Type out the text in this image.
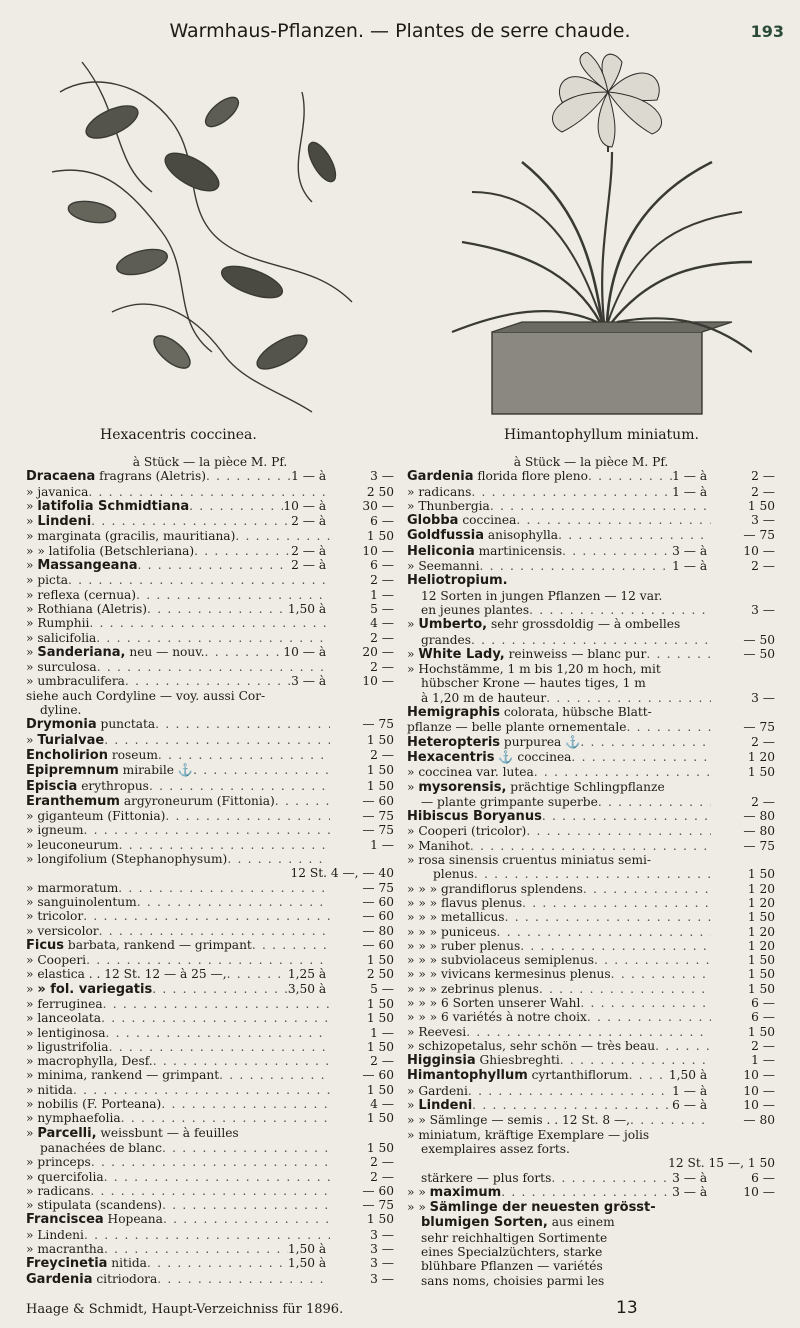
Warmhaus-Pflanzen. — Plantes de serre chaude.	193
Hexacentris coccinea.	Himantophyllum miniatum.
à Stück — la pièce M. Pf.
Dracaena fragrans (Aletris) . . .	1 — à	3 —
» javanica . . .	2 50
» latifolia Schmidtiana . . .	10 — à	30 —
» Lindeni . . .	2 — à	6 —
» marginata (gracilis, mauritiana) . . .	1 50
» » latifolia (Betschleriana) . . .	2 — à	10 —
» Massangeana . . .	2 — à	6 —
» picta . . .	2 —
» reflexa (cernua) . . .	1 —
» Rothiana (Aletris) . . .	1,50 à	5 —
» Rumphii . . .	4 —
» salicifolia . . .	2 —
» Sanderiana, neu — nouv. . . .	10 — à	20 —
» surculosa . . .	2 —
» umbraculifera . . .	3 — à	10 —
siehe auch Cordyline — voy. aussi Cor-
dyline.
Drymonia punctata . . .	— 75
» Turialvae . . .	1 50
Encholirion roseum . . .	2 —
Epipremnum mirabile ⚓ . . .	1 50
Episcia erythropus . . .	1 50
Eranthemum argyroneurum (Fittonia) . . .	— 60
» giganteum (Fittonia) . . .	— 75
» igneum . . .	— 75
» leuconeurum . . .	1 —
» longifolium (Stephanophysum)
. . .
12 St. 4 —, — 40
» marmoratum . . .	— 75
» sanguinolentum . . .	— 60
» tricolor . . .	— 60
» versicolor . . .	— 80
Ficus barbata, rankend — grimpant . . .	— 60
» Cooperi . . .	1 50
» elastica . . 12 St. 12 — à 25 —, . . .	1,25 à	2 50
» » fol. variegatis . . .	3,50 à	5 —
» ferruginea . . .	1 50
» lanceolata . . .	1 50
» lentiginosa . . .	1 —
» ligustrifolia . . .	1 50
» macrophylla, Desf. . . .	2 —
» minima, rankend — grimpant . . .	— 60
» nitida . . .	1 50
» nobilis (F. Porteana) . . .	4 —
» nymphaefolia . . .	1 50
» Parcelli, weissbunt — à feuilles
panachées de blanc . . .	1 50
» princeps . . .	2 —
» quercifolia . . .	2 —
» radicans . . .	— 60
» stipulata (scandens) . . .	— 75
Franciscea Hopeana . . .	1 50
» Lindeni . . .	3 —
» macrantha . . .	1,50 à	3 —
Freycinetia nitida . . .	1,50 à	3 —
Gardenia citriodora . . .	3 —
à Stück — la pièce M. Pf.
Gardenia florida flore pleno . . .	1 — à	2 —
» radicans . . .	1 — à	2 —
» Thunbergia . . .	1 50
Globba coccinea . . .	3 —
Goldfussia anisophylla . . .	— 75
Heliconia martinicensis . . .	3 — à	10 —
» Seemanni . . .	1 — à	2 —
Heliotropium.
12 Sorten in jungen Pflanzen — 12 var.
en jeunes plantes . . .	3 —
» Umberto, sehr grossdoldig — à ombelles
grandes . . .	— 50
» White Lady, reinweiss — blanc pur . . .	— 50
» Hochstämme, 1 m bis 1,20 m hoch, mit
hübscher Krone — hautes tiges, 1 m
à 1,20 m de hauteur . . .	3 —
Hemigraphis colorata, hübsche Blatt-
pflanze — belle plante ornementale . . .	— 75
Heteropteris purpurea ⚓ . . .	2 —
Hexacentris ⚓ coccinea . . .	1 20
» coccinea var. lutea . . .	1 50
» mysorensis, prächtige Schlingpflanze
— plante grimpante superbe . . .	2 —
Hibiscus Boryanus . . .	— 80
» Cooperi (tricolor) . . .	— 80
» Manihot . . .	— 75
» rosa sinensis cruentus miniatus semi-
plenus . . .	1 50
» » » grandiflorus splendens . . .	1 20
» » » flavus plenus . . .	1 20
» » » metallicus . . .	1 50
» » » puniceus . . .	1 20
» » » ruber plenus . . .	1 20
» » » subviolaceus semiplenus . . .	1 50
» » » vivicans kermesinus plenus . . .	1 50
» » » zebrinus plenus . . .	1 50
» » » 6 Sorten unserer Wahl . . .	6 —
» » » 6 variétés à notre choix . . .	6 —
» Reevesi . . .	1 50
» schizopetalus, sehr schön — très beau . . .	2 —
Higginsia Ghiesbreghti . . .	1 —
Himantophyllum cyrtanthiflorum . . .	1,50 à	10 —
» Gardeni . . .	1 — à	10 —
» Lindeni . . .	6 — à	10 —
» » Sämlinge — semis . . 12 St. 8 —, . . .	— 80
» miniatum, kräftige Exemplare — jolis
exemplaires assez forts.
12 St. 15 —, 1 50
stärkere — plus forts . . .	3 — à	6 —
» » maximum . . .	3 — à	10 —
» » Sämlinge der neuesten grösst-
blumigen Sorten, aus einem
sehr reichhaltigen Sortimente
eines Specialzüchters, starke
blühbare Pflanzen — variétés
sans noms, choisies parmi les
Haage & Schmidt, Haupt-Verzeichniss für 1896.	13
